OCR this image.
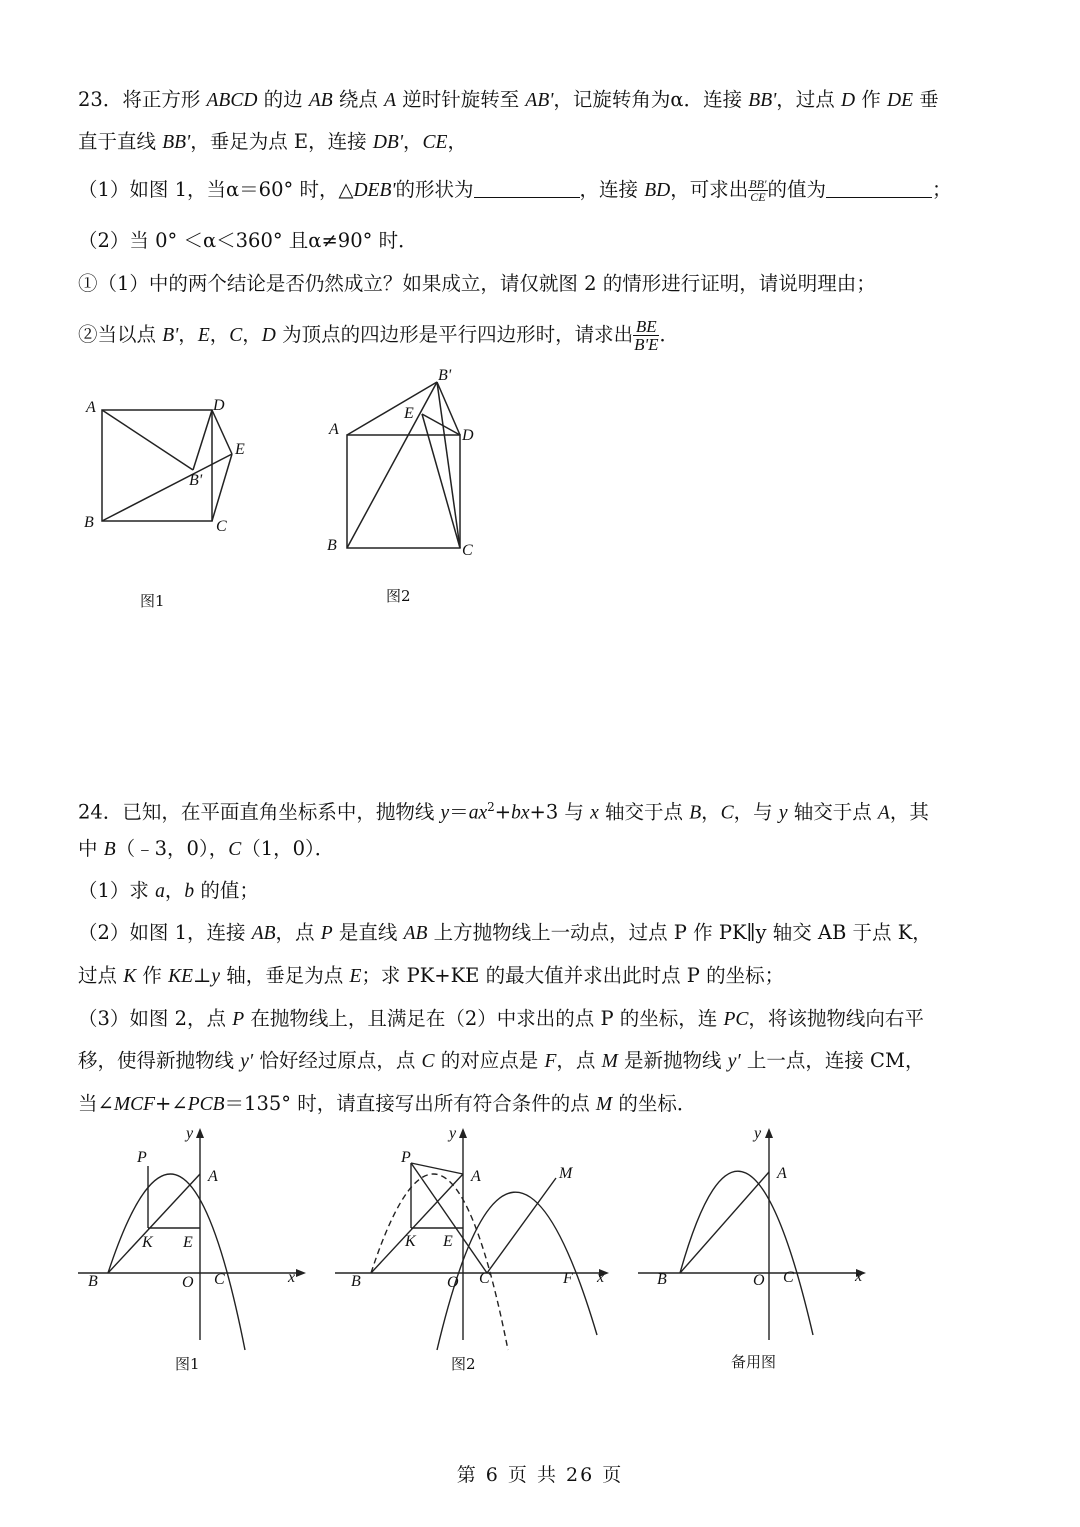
23．将正方形 ABCD 的边 AB 绕点 A 逆时针旋转至 AB'，记旋转角为α．连接 BB'，过点 D 作 DE 垂
直于直线 BB'，垂足为点 E，连接 DB'，CE，
（1）如图 1，当α＝60° 时，△DEB'的形状为	，连接 BD，可求出 $\frac{BB'}{CE}$ 的值为	；
（2）当 0° ＜α＜360° 且α≠90° 时．
①（1）中的两个结论是否仍然成立？如果成立，请仅就图 2 的情形进行证明，请说明理由；
②当以点 B'，E，C，D 为顶点的四边形是平行四边形时，请求出 $\frac{BE}{B'E}$ ．
A
B	C
D
E
B'
图1
B'
E
A	D
B	C
图2
24．已知，在平面直角坐标系中，抛物线 $y=ax^2+bx+3$ 与 x 轴交于点 B，C，与 y 轴交于点 A，其
中 B（﹣3，0），C（1，0）．
（1）求 a，b 的值；
（2）如图 1，连接 AB，点 P 是直线 AB 上方抛物线上一动点，过点 P 作 PK∥y 轴交 AB 于点 K，
过点 K 作 KE⊥y 轴，垂足为点 E；求 PK+KE 的最大值并求出此时点 P 的坐标；
（3）如图 2，点 P 在抛物线上，且满足在（2）中求出的点 P 的坐标，连 PC，将该抛物线向右平
移，使得新抛物线 y′ 恰好经过原点，点 C 的对应点是 F，点 M 是新抛物线 y′ 上一点，连接 CM，
当∠MCF+∠PCB＝135° 时，请直接写出所有符合条件的点 M 的坐标．
y
x
P
A
K E
B	O C
图1
y
x
P
A	M
K E
B	O C	F
图2
y
x
A
B	O C
备用图
第 6 页 共 26 页
